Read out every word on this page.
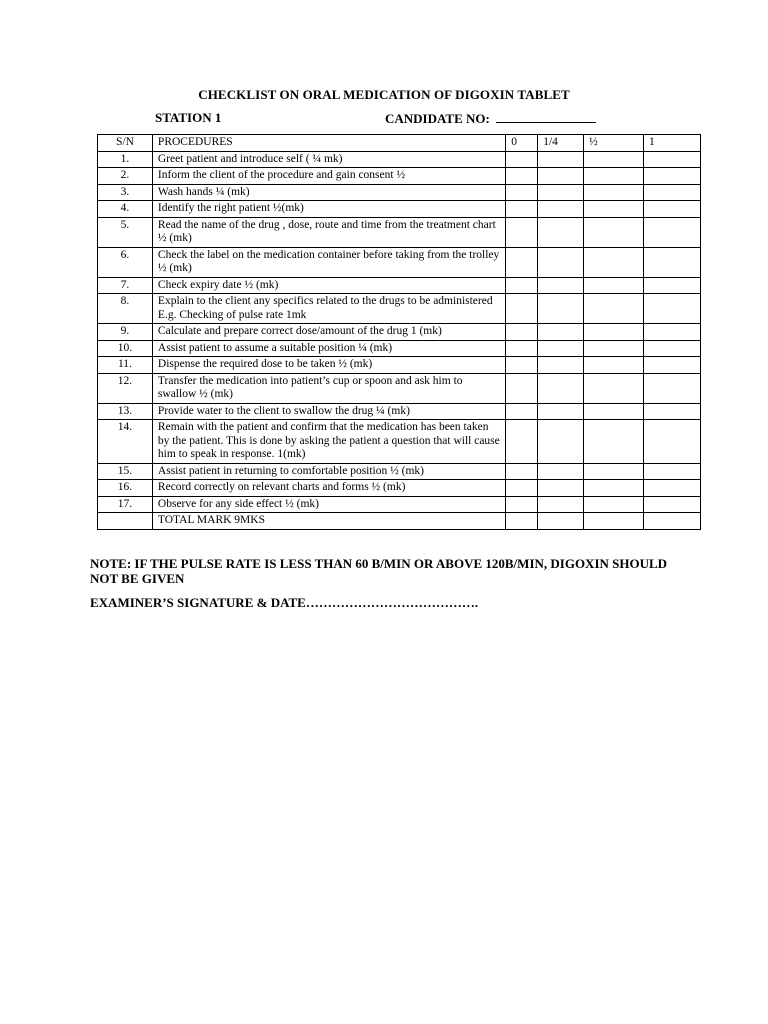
CHECKLIST ON ORAL MEDICATION OF DIGOXIN TABLET
STATION 1	CANDIDATE NO:
S/N	PROCEDURES	0	1/4	½	1
1.	Greet patient and introduce self ( ¼ mk)				
2.	Inform the client of the procedure and gain consent ½				
3.	Wash hands ¼ (mk)				
4.	Identify the right patient ½(mk)				
5.	Read the name of the drug , dose, route and time from the treatment chart ½ (mk)				
6.	Check the label on the medication container before taking from the trolley ½ (mk)				
7.	Check expiry date ½ (mk)				
8.	Explain to the client any specifics related to the drugs to be administered E.g. Checking of pulse rate 1mk				
9.	Calculate and prepare correct dose/amount of the drug 1 (mk)				
10.	Assist patient to assume a suitable position ¼ (mk)				
11.	Dispense the required dose to be taken ½ (mk)				
12.	Transfer the medication into patient’s cup or spoon and ask him to swallow ½ (mk)				
13.	Provide water to the client to swallow the drug ¼ (mk)				
14.	Remain with the patient and confirm that the medication has been taken by the patient. This is done by asking the patient a question that will cause him to speak in response. 1(mk)				
15.	Assist patient in returning to comfortable position ½ (mk)				
16.	Record correctly on relevant charts and forms ½ (mk)				
17.	Observe for any side effect ½ (mk)				
	TOTAL MARK 9MKS				
NOTE: IF THE PULSE RATE IS LESS THAN 60 B/MIN OR ABOVE 120B/MIN, DIGOXIN SHOULD NOT BE GIVEN
EXAMINER’S SIGNATURE & DATE………………………………….
